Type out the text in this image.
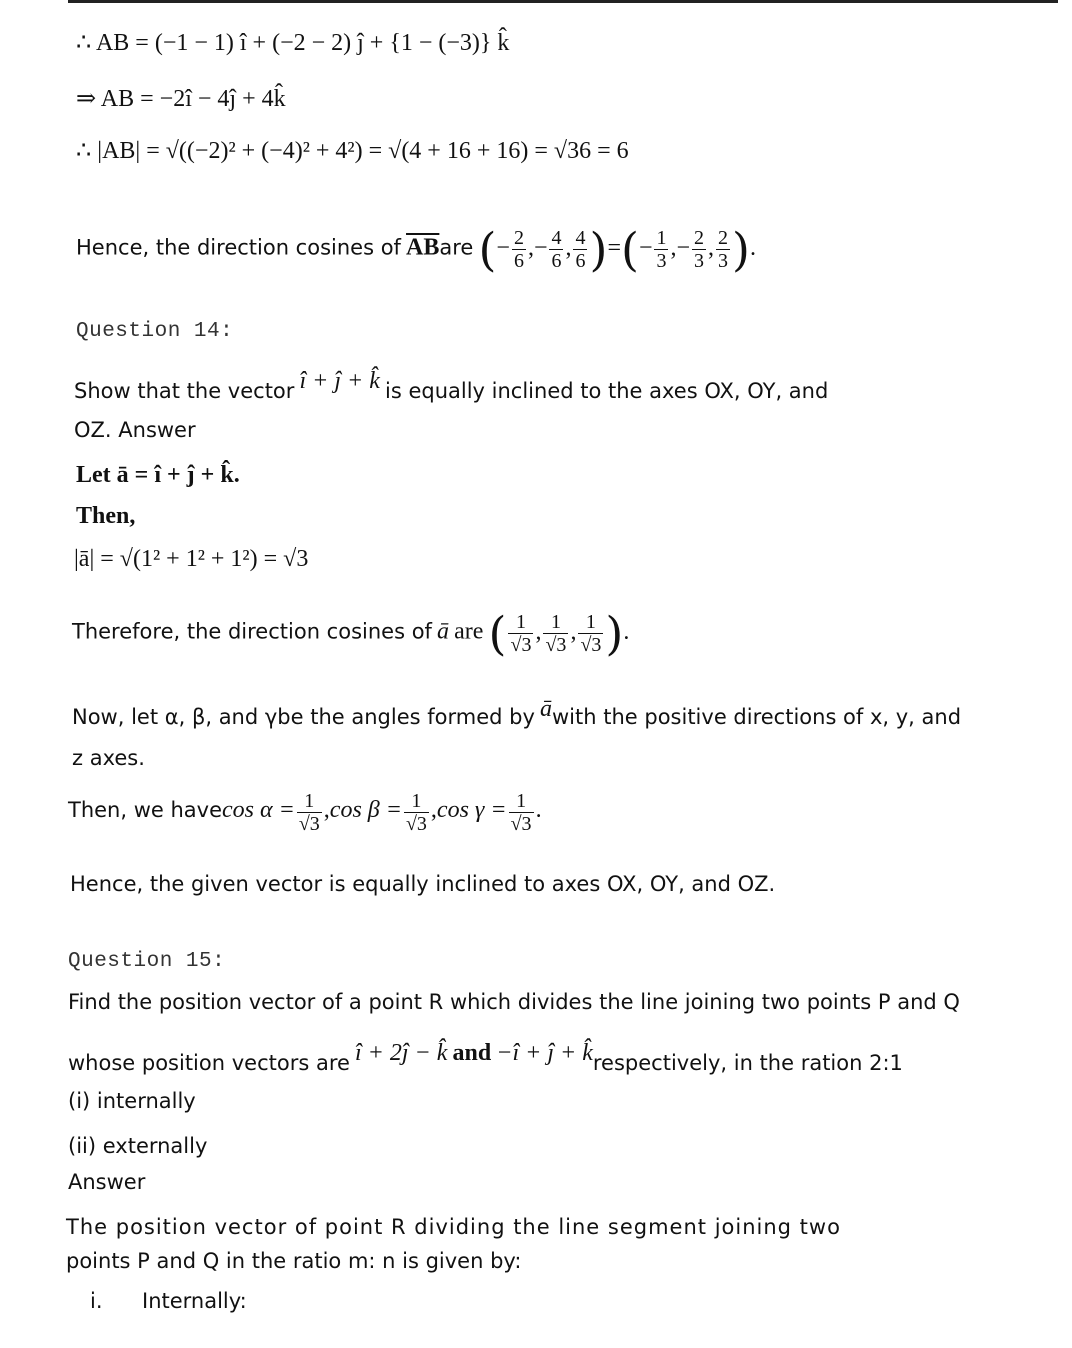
∴ AB = (−1 − 1) î + (−2 − 2) ĵ + {1 − (−3)} k̂
⇒ AB = −2î − 4ĵ + 4k̂
∴ |AB| = √((−2)² + (−4)² + 4²) = √(4 + 16 + 16) = √36 = 6
Hence, the direction cosines of $\overline{AB}are$ (− $\frac{2}{6}$ ,− $\frac{4}{6}$ , $\frac{4}{6}$ )=(− $\frac{1}{3}$ ,− $\frac{2}{3}$ , $\frac{2}{3}$ ).
Question 14:
Show that the vector î + ĵ + k̂ is equally inclined to the axes OX, OY, and
OZ. Answer
Let ā = î + ĵ + k̂.
Then,
|ā| = √(1² + 1² + 1²) = √3
Therefore, the direction cosines of ā are ( $\frac{1}{√3}$ , $\frac{1}{√3}$ , $\frac{1}{√3}$ ).
Now, let α, β, and γbe the angles formed by āwith the positive directions of x, y, and
z axes.
Then, we havecos $\alpha = \frac{1}{√3} ,\cos$ $\beta = \frac{1}{√3} ,\cos$ $\gamma = \frac{1}{√3}$ .
Hence, the given vector is equally inclined to axes OX, OY, and OZ.
Question 15:
Find the position vector of a point R which divides the line joining two points P and Q
whose position vectors are î + 2ĵ − k̂ and −î + ĵ + k̂respectively, in the ration 2:1
(i) internally
(ii) externally
Answer
The position vector of point R dividing the line segment joining two
points P and Q in the ratio m: n is given by:
i. Internally:
